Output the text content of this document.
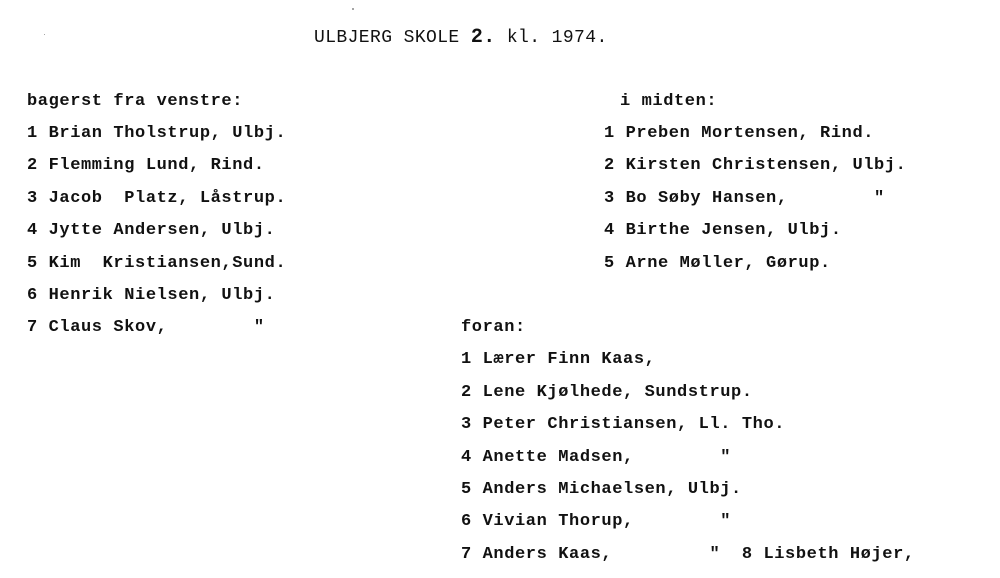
ULBJERG SKOLE 2. kl. 1974.
bagerst fra venstre:
1 Brian Tholstrup, Ulbj.
2 Flemming Lund, Rind.
3 Jacob  Platz, Låstrup.
4 Jytte Andersen, Ulbj.
5 Kim  Kristiansen,Sund.
6 Henrik Nielsen, Ulbj.
7 Claus Skov,        "
i midten:
1 Preben Mortensen, Rind.
2 Kirsten Christensen, Ulbj.
3 Bo Søby Hansen,        "
4 Birthe Jensen, Ulbj.
5 Arne Møller, Gørup.
foran:
1 Lærer Finn Kaas,
2 Lene Kjølhede, Sundstrup.
3 Peter Christiansen, Ll. Tho.
4 Anette Madsen,        "
5 Anders Michaelsen, Ulbj.
6 Vivian Thorup,        "
7 Anders Kaas,         "  8 Lisbeth Højer,
